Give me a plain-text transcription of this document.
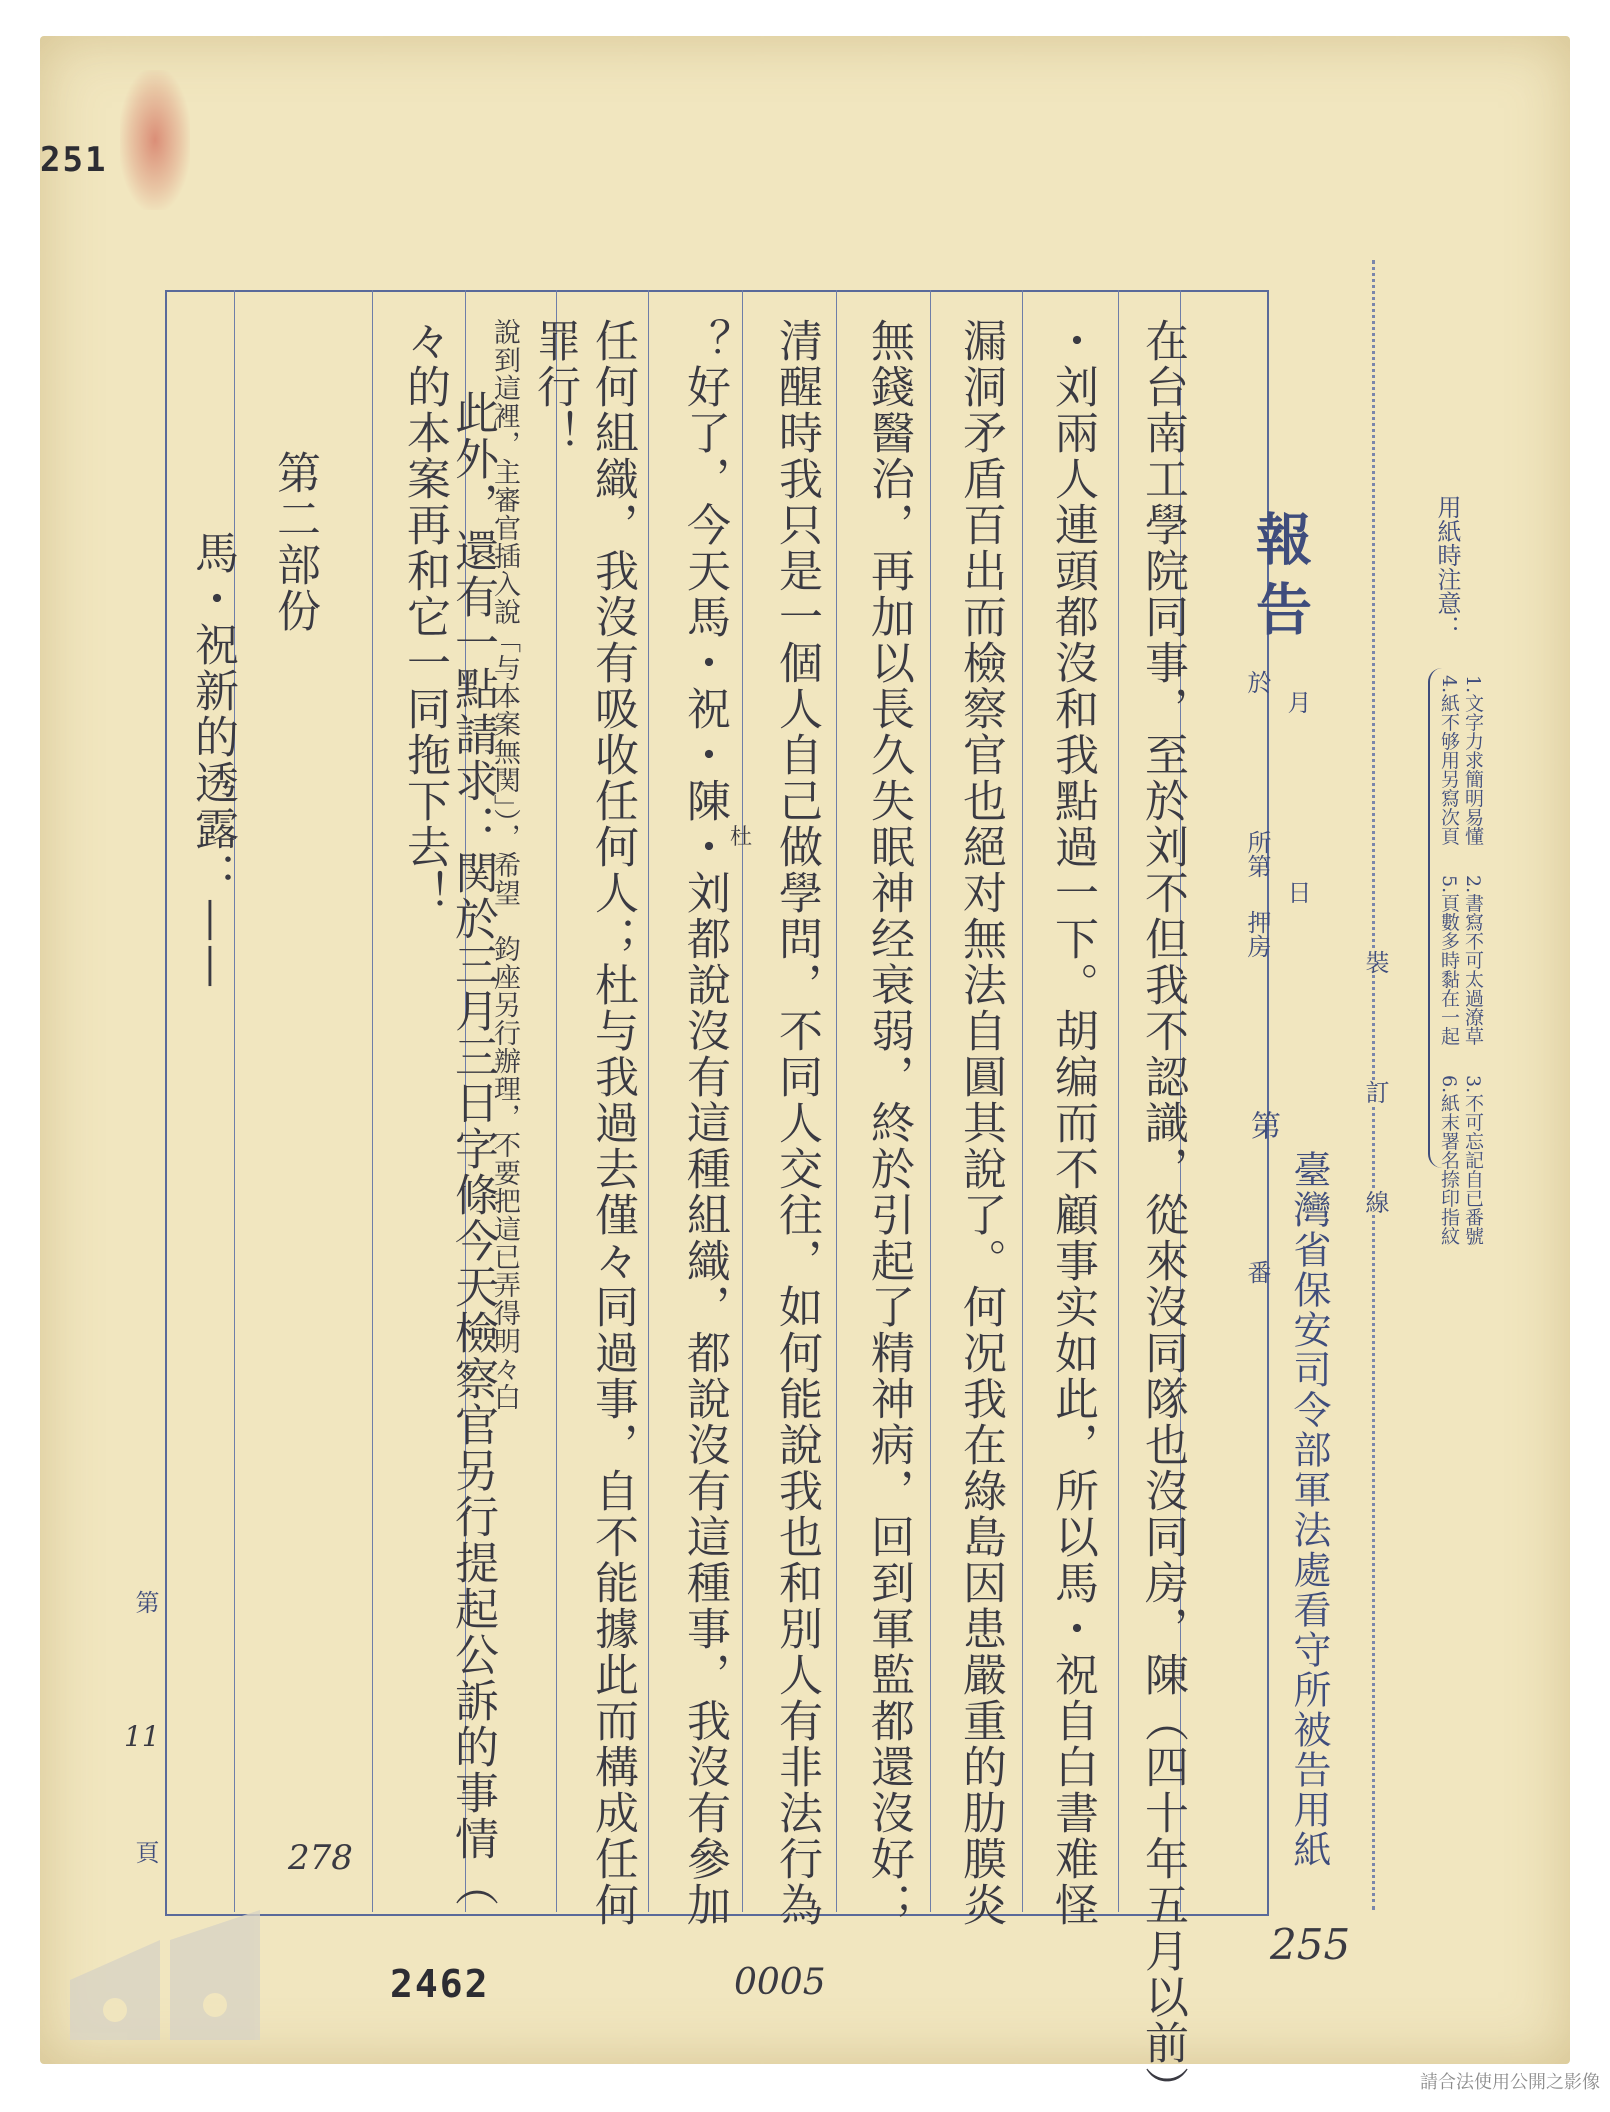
251
報
告
於
所第
押房
第
番
月
日
臺灣省保安司令部軍法處看守所被告用紙
裝
訂
線
用紙時注意：
1.文字力求簡明易懂
2.書寫不可太過潦草
3.不可忘記自已番號
4.紙不够用另寫次頁
5.頁數多時黏在一起
6.紙末署名捺印指紋
第
11
頁	在台南工學院同事，至於刘不但我不認識，從來沒同隊也沒同房，陳（四十年五月以前）
・刘兩人連頭都沒和我點過一下。胡编而不顧事实如此，所以馬・祝自白書难怪
漏洞矛盾百出而檢察官也絕对無法自圓其說了。何况我在綠島因患嚴重的肋膜炎
無錢醫治，再加以長久失眠神经衰弱，終於引起了精神病，回到軍監都還沒好；
清醒時我只是一個人自己做學問，不同人交往，如何能說我也和別人有非法行為
？好了，今天馬・祝・陳・刘都說沒有這種組織，都說沒有這種事，我沒有參加
任何組織，我沒有吸收任何人；杜与我過去僅々同過事，自不能據此而構成任何
罪行！
此外，還有一點請求：関於三月三日字條今天檢察官另行提起公訴的事情（
說到這裡，主審官插入說「与本案無関」），希望　鈞座另行辦理，不要把這已弄得明々白
々的本案再和它一同拖下去！
第二部份
馬・祝新的透露：——	杜
278
0005
255
2462
請合法使用公開之影像
